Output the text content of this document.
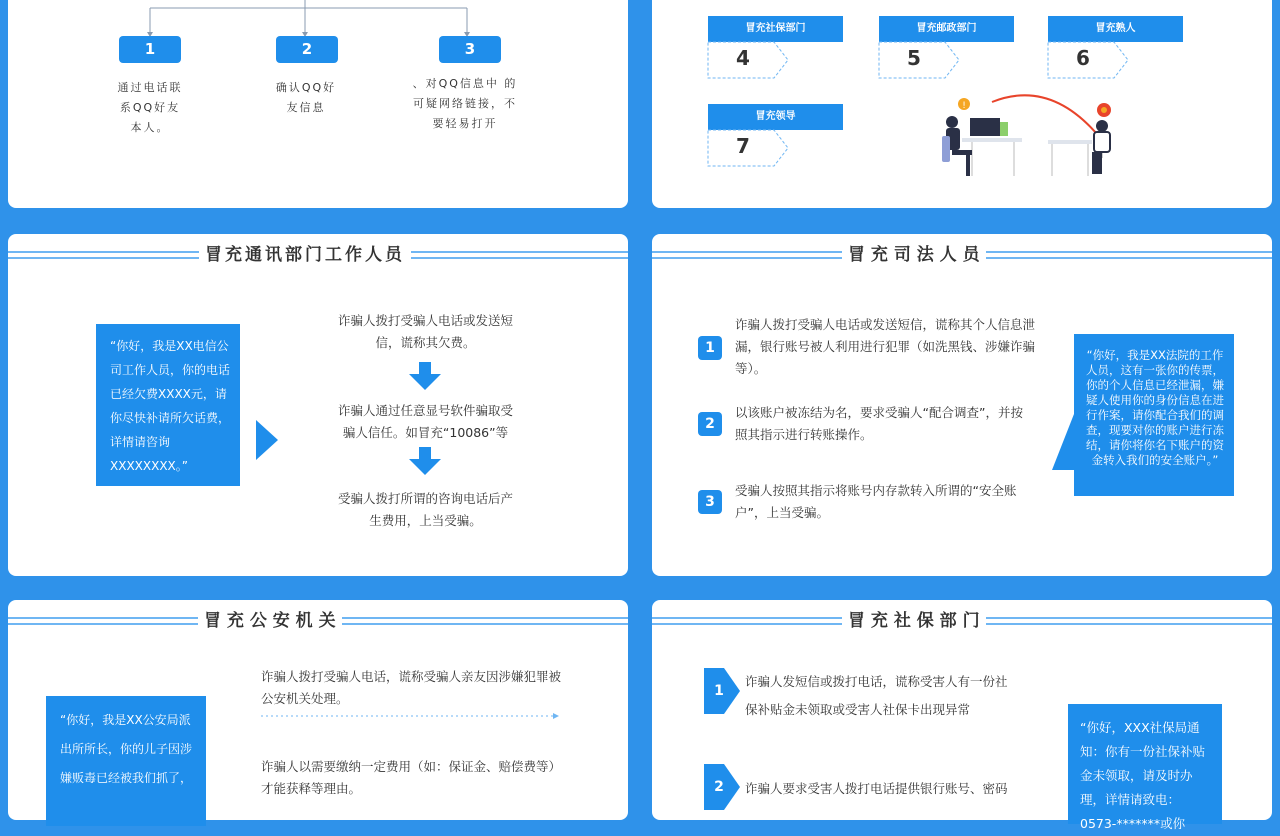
1	2	3
通过电话联
系QQ好友
本人。
确认QQ好
友信息
、对QQ信息中 的
可疑网络链接，不
要轻易打开
冒充社保部门
4
冒充邮政部门
5
冒充熟人
6
冒充领导
7
!
冒充通讯部门工作人员
“你好，我是XX电信公司工作人员，你的电话已经欠费XXXX元，请你尽快补请所欠话费，详情请咨询 XXXXXXXX。”
诈骗人拨打受骗人电话或发送短信，谎称其欠费。
诈骗人通过任意显号软件骗取受骗人信任。如冒充“10086”等
受骗人拨打所谓的咨询电话后产生费用，上当受骗。
冒 充 司 法 人 员
1
诈骗人拨打受骗人电话或发送短信，谎称其个人信息泄漏，银行账号被人利用进行犯罪（如洗黑钱、涉嫌诈骗等）。
2
以该账户被冻结为名，要求受骗人“配合调查”，并按照其指示进行转账操作。
3
受骗人按照其指示将账号内存款转入所谓的“安全账户”，上当受骗。
“你好，我是XX法院的工作人员，这有一张你的传票，你的个人信息已经泄漏，嫌疑人使用你的身份信息在进行作案，请你配合我们的调查，现要对你的账户进行冻结，请你将你名下账户的资金转入我们的安全账户。”
冒 充 公 安 机 关
“你好，我是XX公安局派出所所长，你的儿子因涉嫌贩毒已经被我们抓了，
诈骗人拨打受骗人电话，谎称受骗人亲友因涉嫌犯罪被公安机关处理。
诈骗人以需要缴纳一定费用（如：保证金、赔偿费等）才能获释等理由。
冒 充 社 保 部 门
1
诈骗人发短信或拨打电话，谎称受害人有一份社保补贴金未领取或受害人社保卡出现异常
2	诈骗人要求受害人拨打电话提供银行账号、密码
“你好，XXX社保局通知：你有一份社保补贴金未领取，请及时办理，详情请致电：0573-*******或你
